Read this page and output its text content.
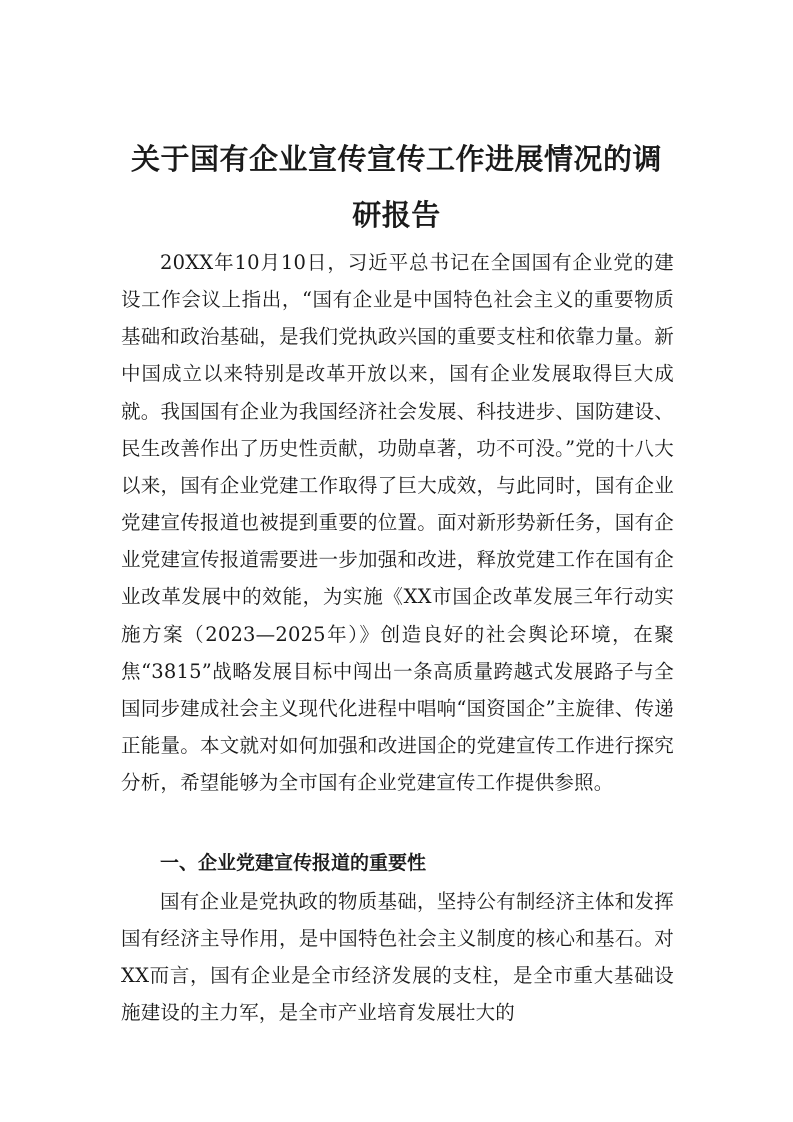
关于国有企业宣传宣传工作进展情况的调
研报告

20XX年10月10日，习近平总书记在全国国有企业党的建设工作会议上指出，“国有企业是中国特色社会主义的重要物质基础和政治基础，是我们党执政兴国的重要支柱和依靠力量。新中国成立以来特别是改革开放以来，国有企业发展取得巨大成就。我国国有企业为我国经济社会发展、科技进步、国防建设、民生改善作出了历史性贡献，功勋卓著，功不可没。”党的十八大以来，国有企业党建工作取得了巨大成效，与此同时，国有企业党建宣传报道也被提到重要的位置。面对新形势新任务，国有企业党建宣传报道需要进一步加强和改进，释放党建工作在国有企业改革发展中的效能，为实施《XX市国企改革发展三年行动实施方案（2023—2025年）》创造良好的社会舆论环境，在聚焦“3815”战略发展目标中闯出一条高质量跨越式发展路子与全国同步建成社会主义现代化进程中唱响“国资国企”主旋律、传递正能量。本文就对如何加强和改进国企的党建宣传工作进行探究分析，希望能够为全市国有企业党建宣传工作提供参照。

一、企业党建宣传报道的重要性

国有企业是党执政的物质基础，坚持公有制经济主体和发挥国有经济主导作用，是中国特色社会主义制度的核心和基石。对XX而言，国有企业是全市经济发展的支柱，是全市重大基础设施建设的主力军，是全市产业培育发展壮大的
